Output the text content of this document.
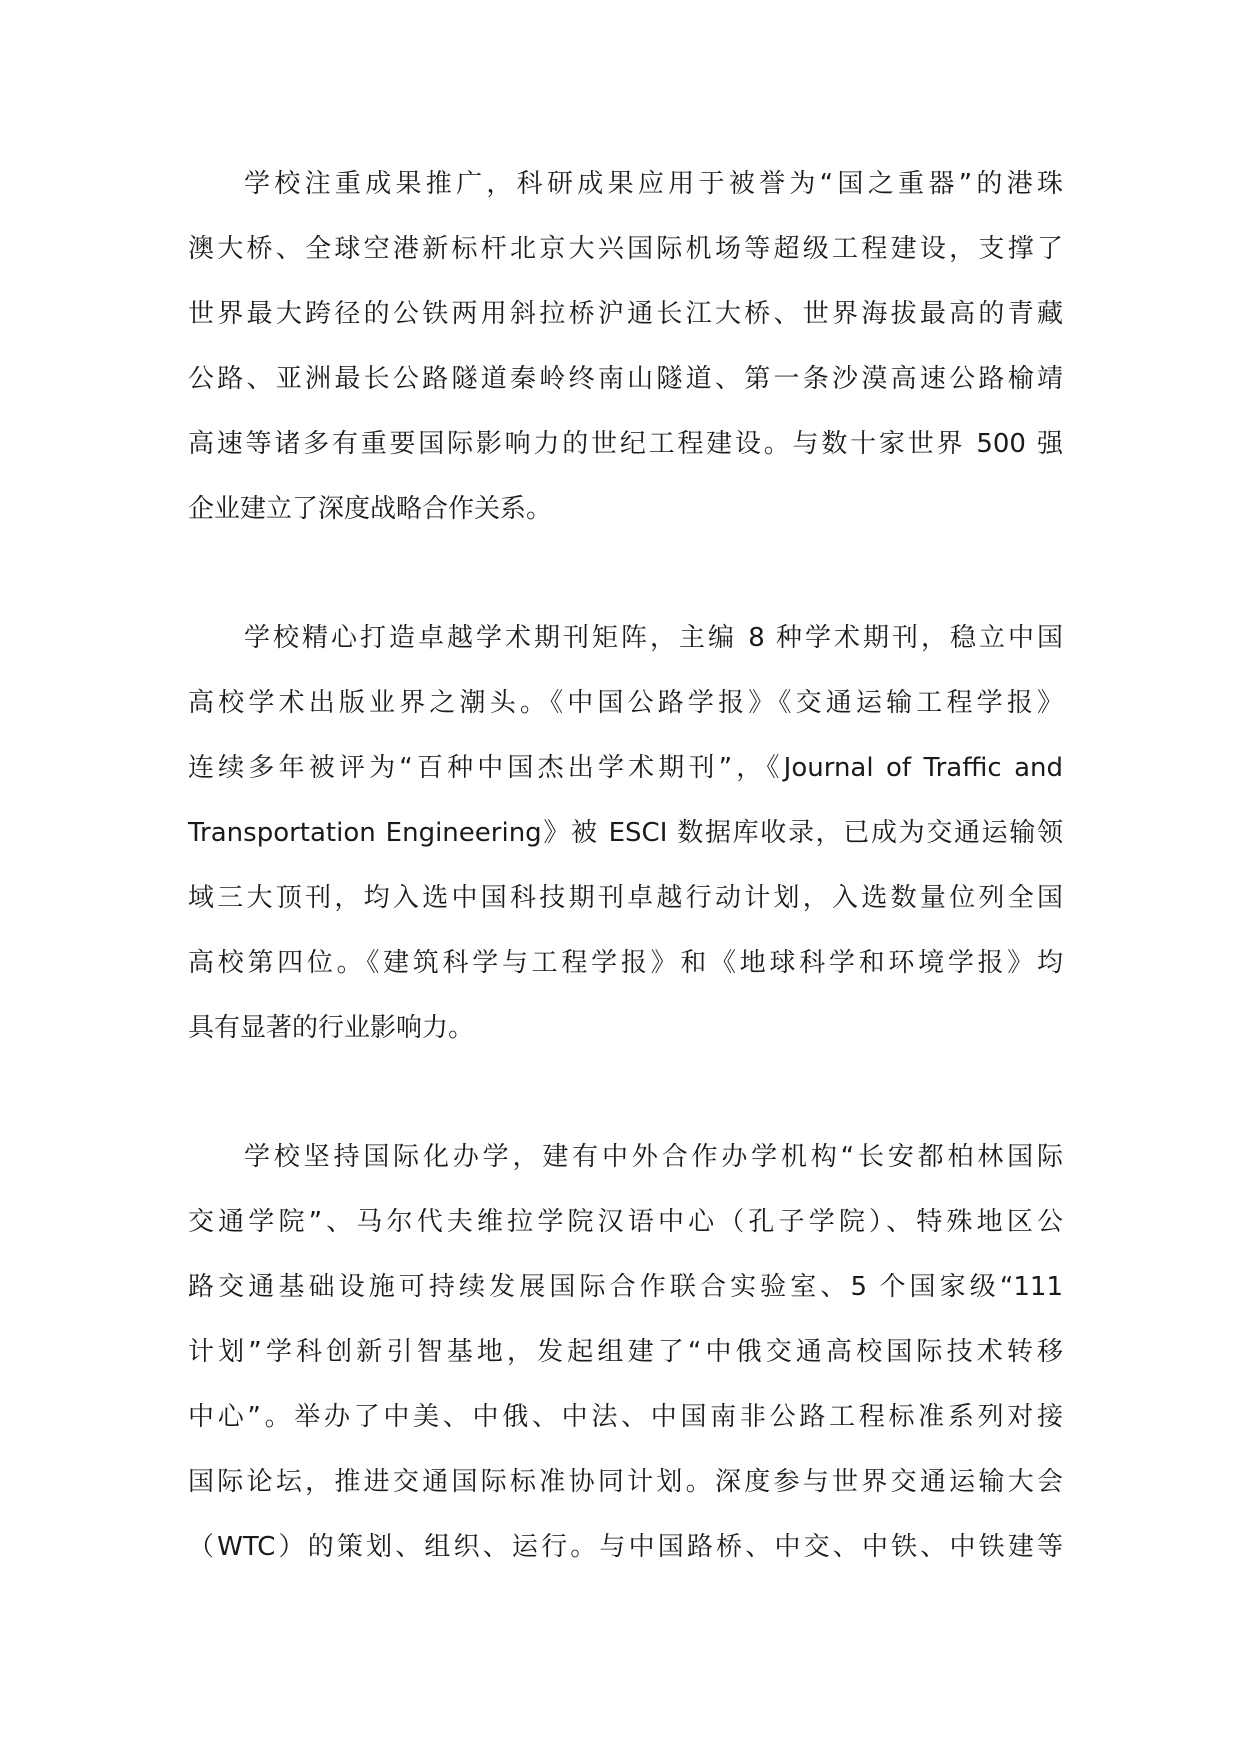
学校注重成果推广，科研成果应用于被誉为“国之重器”的港珠
澳大桥、全球空港新标杆北京大兴国际机场等超级工程建设，支撑了
世界最大跨径的公铁两用斜拉桥沪通长江大桥、世界海拔最高的青藏
公路、亚洲最长公路隧道秦岭终南山隧道、第一条沙漠高速公路榆靖
高速等诸多有重要国际影响力的世纪工程建设。与数十家世界 500 强
企业建立了深度战略合作关系。
学校精心打造卓越学术期刊矩阵，主编 8 种学术期刊，稳立中国
高校学术出版业界之潮头。《中国公路学报》《交通运输工程学报》
连续多年被评为“百种中国杰出学术期刊”，《Journal of Traffic and
Transportation Engineering》被 ESCI 数据库收录，已成为交通运输领
域三大顶刊，均入选中国科技期刊卓越行动计划，入选数量位列全国
高校第四位。《建筑科学与工程学报》和《地球科学和环境学报》均
具有显著的行业影响力。
学校坚持国际化办学，建有中外合作办学机构“长安都柏林国际
交通学院”、马尔代夫维拉学院汉语中心（孔子学院）、特殊地区公
路交通基础设施可持续发展国际合作联合实验室、5 个国家级“111
计划”学科创新引智基地，发起组建了“中俄交通高校国际技术转移
中心”。举办了中美、中俄、中法、中国南非公路工程标准系列对接
国际论坛，推进交通国际标准协同计划。深度参与世界交通运输大会
（WTC）的策划、组织、运行。与中国路桥、中交、中铁、中铁建等
